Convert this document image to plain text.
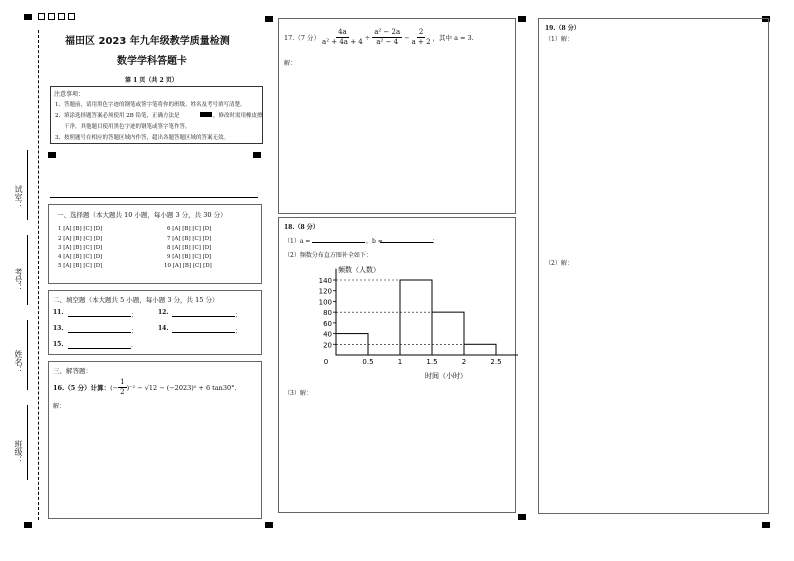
试室：
考号：
姓名：
班级：
福田区 2023 年九年级教学质量检测
数学学科答题卡
第 1 页（共 2 页）
注意事项：
1、答题前，请用黑色字迹的钢笔或签字笔将你的班级、姓名及考号填写清楚。
2、填涂选择题答案必须使用 2B 铅笔，正确方法是	，修改时需用橡皮擦
干净，其他题目使用黑色字迹的钢笔或签字笔作答。
3、按照题号在相应的答题区域内作答，超出各题答题区域的答案无效。
一、选择题（本大题共 10 小题，每小题 3 分，共 30 分）
1 [A] [B] [C] [D]
2 [A] [B] [C] [D]
3 [A] [B] [C] [D]
4 [A] [B] [C] [D]
5 [A] [B] [C] [D]
6 [A] [B] [C] [D]
7 [A] [B] [C] [D]
8 [A] [B] [C] [D]
9 [A] [B] [C] [D]
10 [A] [B] [C] [D]
二、填空题（本大题共 5 小题，每小题 3 分，共 15 分）
11.	；	12.	；
13.	；	14.	；
15.	.
三、解答题：
16.（5 分）计算： (− $\frac{1}{2} )^{-2} - √12 - (-2023)^0 + 6$ tan30° .
解：
17.（7 分） $\frac{4a}{\text{a² + 4a + 4}} \div \frac{\text{a² − 2a}}{\text{a² − 4}} - \frac{2}{a + 2}$ ，其中 a = 3.
解：
18.（8 分）
（1）a =	，b =	；
（2）频数分布直方图补全如下：
（3）解：
20
40
60
80
100
120
140
0	0.5	1	1.5	2	2.5
频数（人数）
时间（小时）
19.（8 分）
（1）解：
（2）解：
